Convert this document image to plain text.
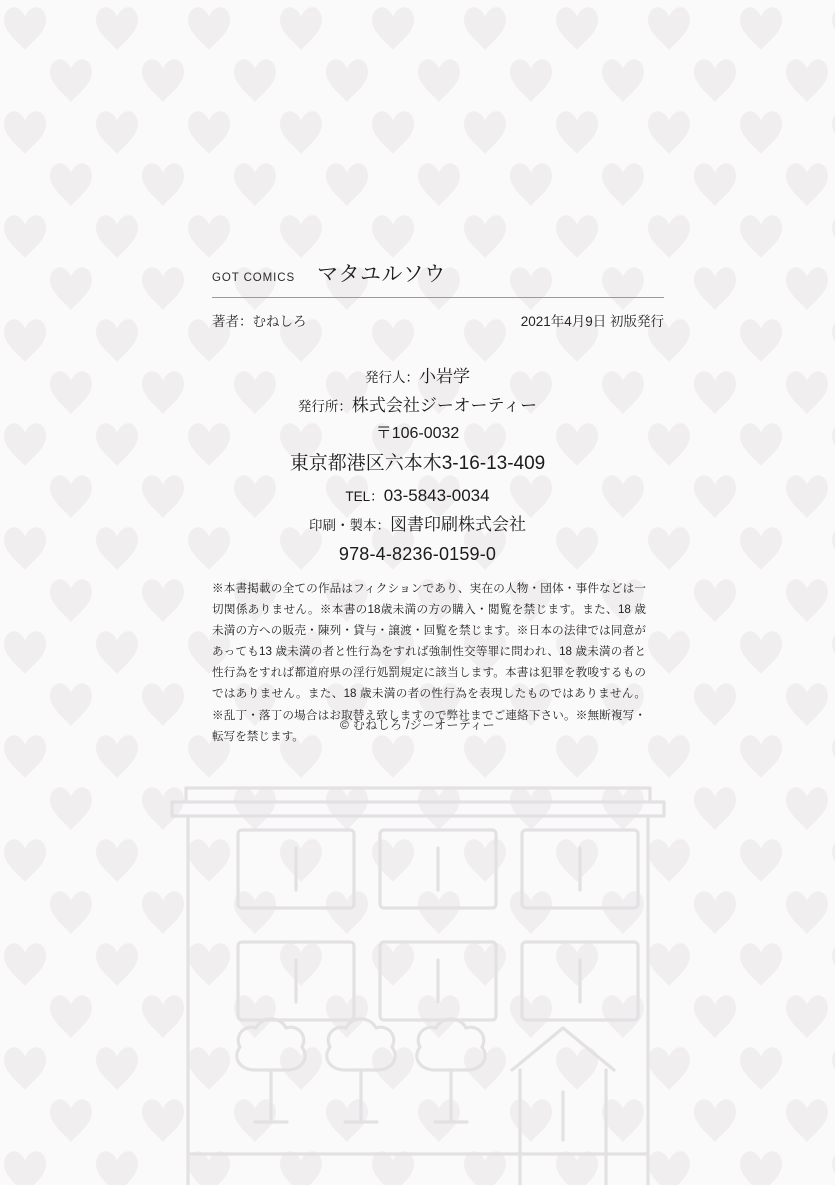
GOT COMICS マタユルソウ
著者：むねしろ	2021年4月9日 初版発行
発行人：小岩学
発行所：株式会社ジーオーティー
〒106-0032
東京都港区六本木3-16-13-409
TEL：03-5843-0034
印刷・製本：図書印刷株式会社
978-4-8236-0159-0
※本書掲載の全ての作品はフィクションであり、実在の人物・団体・事件などは一切関係ありません。※本書の18歳未満の方の購入・閲覧を禁じます。また、18 歳未満の方への販売・陳列・貸与・譲渡・回覧を禁じます。※日本の法律では同意があっても13 歳未満の者と性行為をすれば強制性交等罪に問われ、18 歳未満の者と性行為をすれば都道府県の淫行処罰規定に該当します。本書は犯罪を教唆するものではありません。また、18 歳未満の者の性行為を表現したものではありません。※乱丁・落丁の場合はお取替え致しますので弊社までご連絡下さい。※無断複写・転写を禁じます。
© むねしろ /ジーオーティー
